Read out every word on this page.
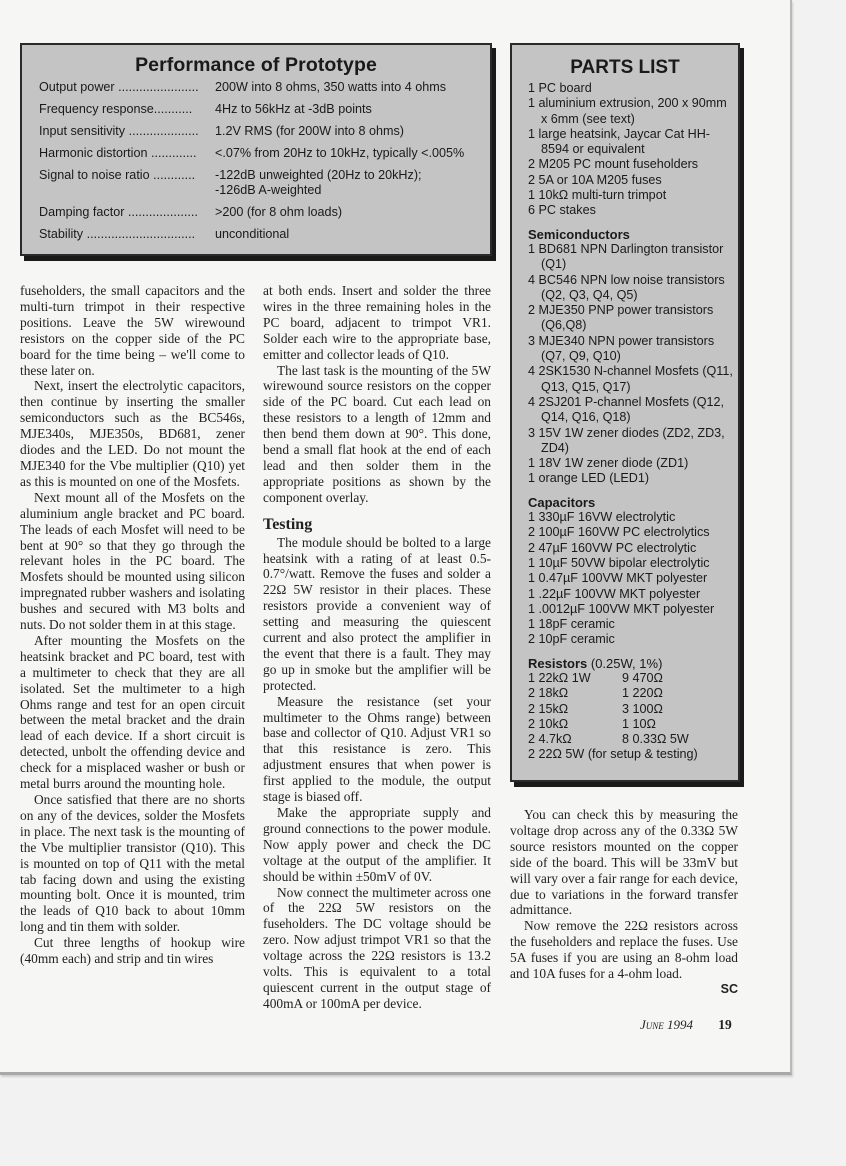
Performance of Prototype
Output power .......................	200W into 8 ohms, 350 watts into 4 ohms
Frequency response...........	4Hz to 56kHz at -3dB points
Input sensitivity ....................	1.2V RMS (for 200W into 8 ohms)
Harmonic distortion .............	<.07% from 20Hz to 10kHz, typically <.005%
Signal to noise ratio ............	-122dB unweighted (20Hz to 20kHz);
-126dB A-weighted
Damping factor ....................	>200 (for 8 ohm loads)
Stability ...............................	unconditional
PARTS LIST
1 PC board
1 aluminium extrusion, 200 x 90mm x 6mm (see text)
1 large heatsink, Jaycar Cat HH-8594 or equivalent
2 M205 PC mount fuseholders
2 5A or 10A M205 fuses
1 10kΩ multi-turn trimpot
6 PC stakes
Semiconductors
1 BD681 NPN Darlington transistor (Q1)
4 BC546 NPN low noise transistors (Q2, Q3, Q4, Q5)
2 MJE350 PNP power transistors (Q6,Q8)
3 MJE340 NPN power transistors (Q7, Q9, Q10)
4 2SK1530 N-channel Mosfets (Q11, Q13, Q15, Q17)
4 2SJ201 P-channel Mosfets (Q12, Q14, Q16, Q18)
3 15V 1W zener diodes (ZD2, ZD3, ZD4)
1 18V 1W zener diode (ZD1)
1 orange LED (LED1)
Capacitors
1 330µF 16VW electrolytic
2 100µF 160VW PC electrolytics
2 47µF 160VW PC electrolytic
1 10µF 50VW bipolar electrolytic
1 0.47µF 100VW MKT polyester
1 .22µF 100VW MKT polyester
1 .0012µF 100VW MKT polyester
1 18pF ceramic
2 10pF ceramic
Resistors (0.25W, 1%)
1 22kΩ 1W	9 470Ω
2 18kΩ	1 220Ω
2 15kΩ	3 100Ω
2 10kΩ	1 10Ω
2 4.7kΩ	8 0.33Ω 5W
2 22Ω 5W (for setup & testing)

fuseholders, the small capacitors and the multi-turn trimpot in their respective positions. Leave the 5W wirewound resistors on the copper side of the PC board for the time being – we'll come to these later on.

Next, insert the electrolytic capacitors, then continue by inserting the smaller semiconductors such as the BC546s, MJE340s, MJE350s, BD681, zener diodes and the LED. Do not mount the MJE340 for the Vbe multiplier (Q10) yet as this is mounted on one of the Mosfets.

Next mount all of the Mosfets on the aluminium angle bracket and PC board. The leads of each Mosfet will need to be bent at 90° so that they go through the relevant holes in the PC board. The Mosfets should be mounted using silicon impregnated rubber washers and isolating bushes and secured with M3 bolts and nuts. Do not solder them in at this stage.

After mounting the Mosfets on the heatsink bracket and PC board, test with a multimeter to check that they are all isolated. Set the multimeter to a high Ohms range and test for an open circuit between the metal bracket and the drain lead of each device. If a short circuit is detected, unbolt the offending device and check for a misplaced washer or bush or metal burrs around the mounting hole.

Once satisfied that there are no shorts on any of the devices, solder the Mosfets in place. The next task is the mounting of the Vbe multiplier transistor (Q10). This is mounted on top of Q11 with the metal tab facing down and using the existing mounting bolt. Once it is mounted, trim the leads of Q10 back to about 10mm long and tin them with solder.

Cut three lengths of hookup wire (40mm each) and strip and tin wires

at both ends. Insert and solder the three wires in the three remaining holes in the PC board, adjacent to trimpot VR1. Solder each wire to the appropriate base, emitter and collector leads of Q10.

The last task is the mounting of the 5W wirewound source resistors on the copper side of the PC board. Cut each lead on these resistors to a length of 12mm and then bend them down at 90°. This done, bend a small flat hook at the end of each lead and then solder them in the appropriate positions as shown by the component overlay.

Testing

The module should be bolted to a large heatsink with a rating of at least 0.5-0.7°/watt. Remove the fuses and solder a 22Ω 5W resistor in their places. These resistors provide a convenient way of setting and measuring the quiescent current and also protect the amplifier in the event that there is a fault. They may go up in smoke but the amplifier will be protected.

Measure the resistance (set your multimeter to the Ohms range) between base and collector of Q10. Adjust VR1 so that this resistance is zero. This adjustment ensures that when power is first applied to the module, the output stage is biased off.

Make the appropriate supply and ground connections to the power module. Now apply power and check the DC voltage at the output of the amplifier. It should be within ±50mV of 0V.

Now connect the multimeter across one of the 22Ω 5W resistors on the fuseholders. The DC voltage should be zero. Now adjust trimpot VR1 so that the voltage across the 22Ω resistors is 13.2 volts. This is equivalent to a total quiescent current in the output stage of 400mA or 100mA per device.

You can check this by measuring the voltage drop across any of the 0.33Ω 5W source resistors mounted on the copper side of the board. This will be 33mV but will vary over a fair range for each device, due to variations in the forward transfer admittance.

Now remove the 22Ω resistors across the fuseholders and replace the fuses. Use 5A fuses if you are using an 8-ohm load and 10A fuses for a 4-ohm load.

SC
June 1994 19
